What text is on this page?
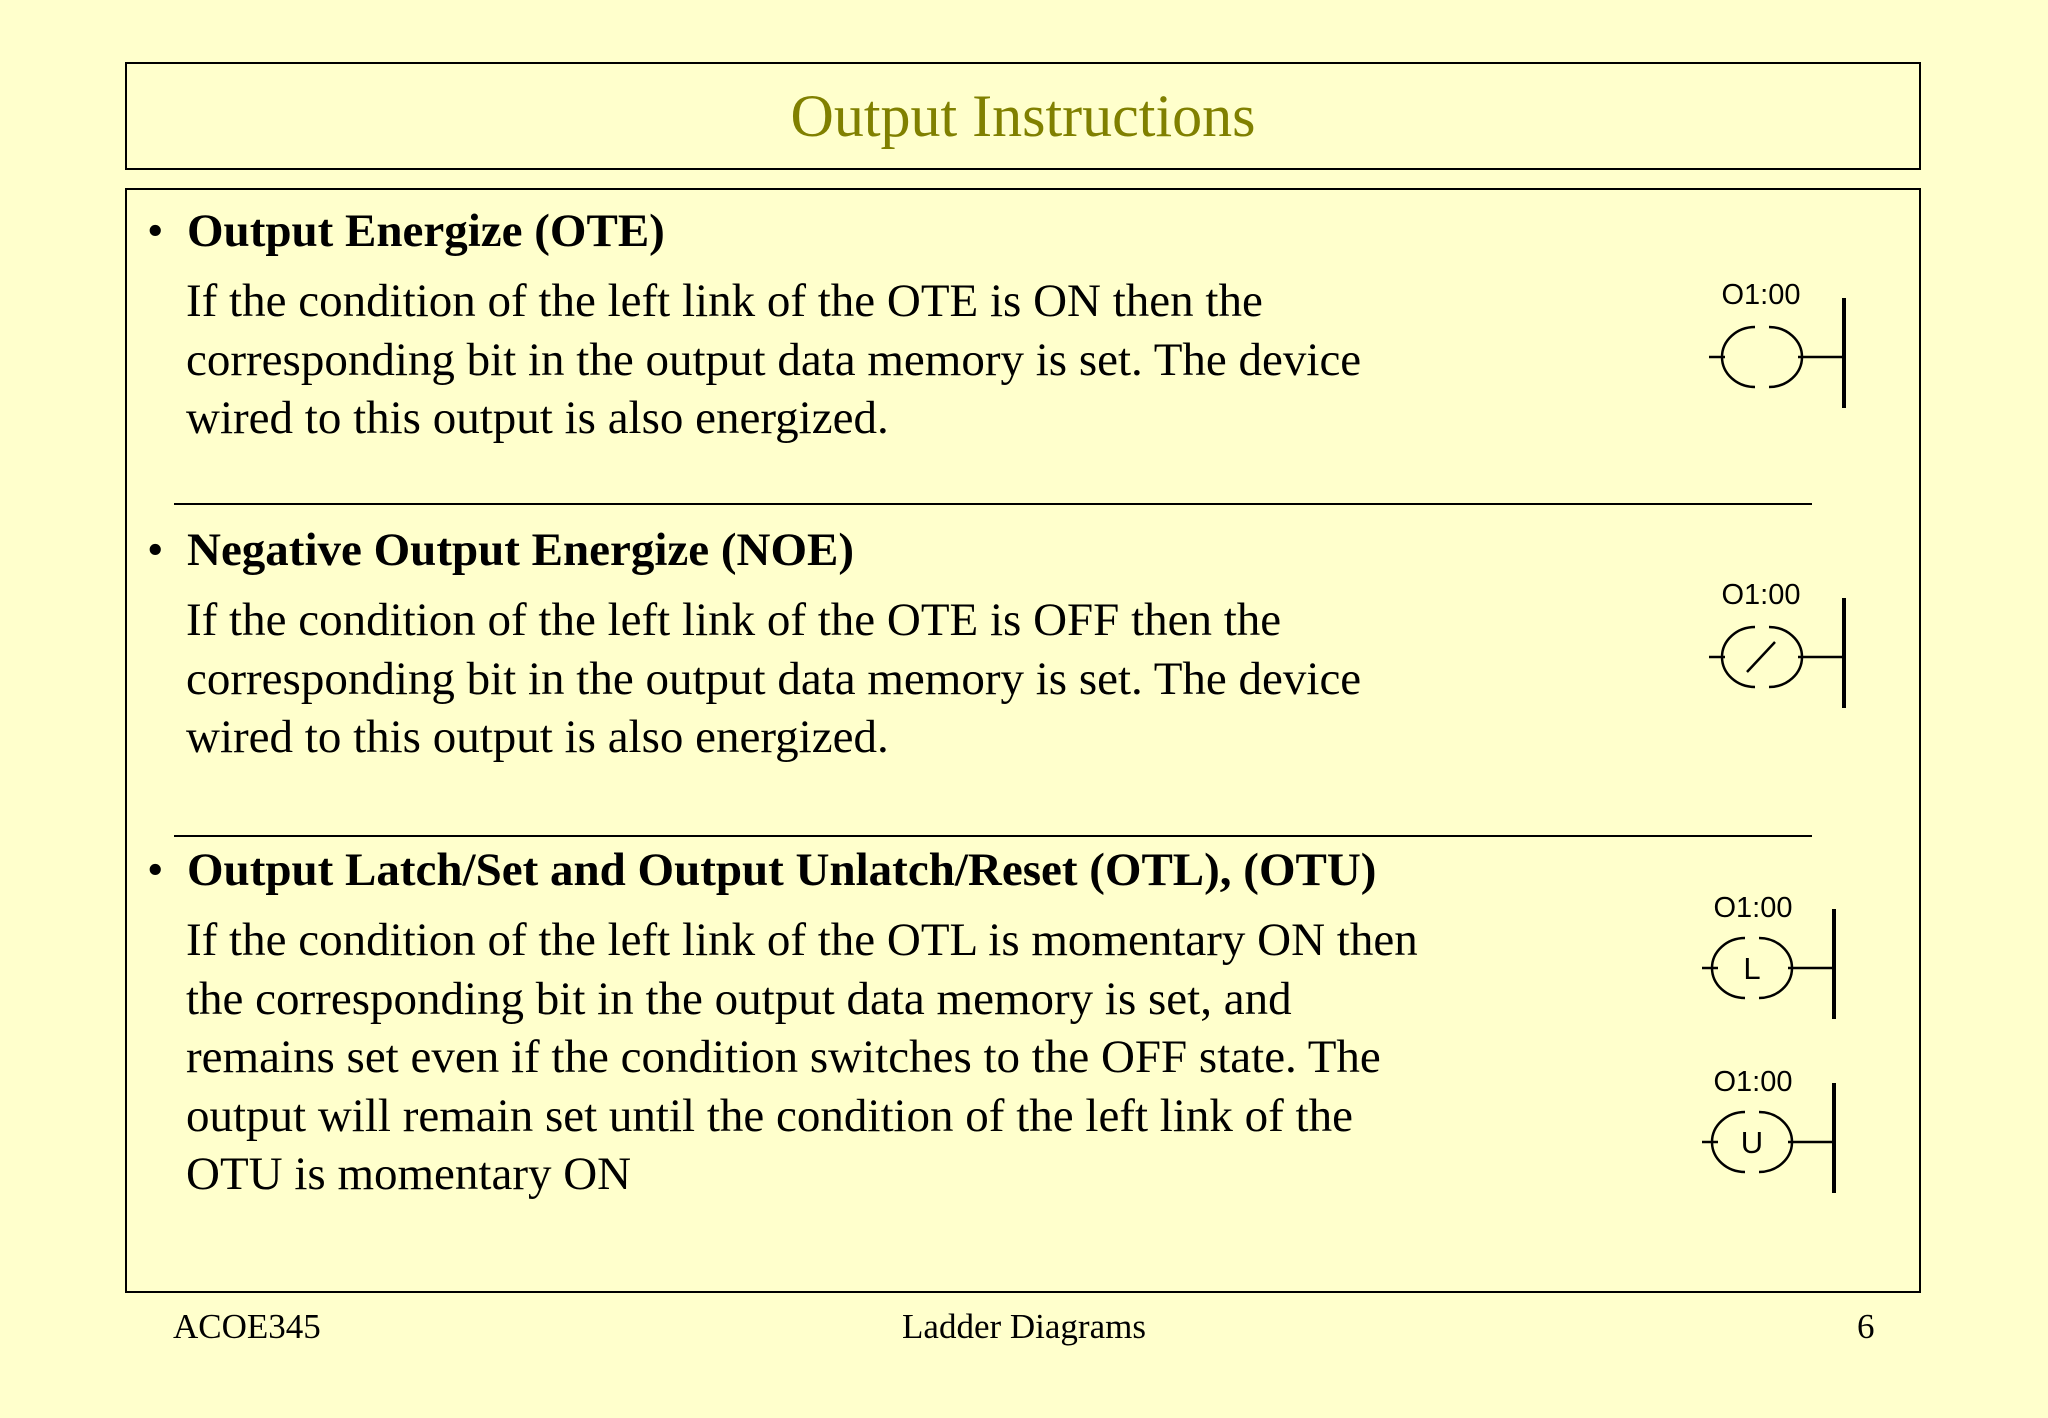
Output Instructions
• Output Energize (OTE)
If the condition of the left link of the OTE is ON then the
corresponding bit in the output data memory is set. The device
wired to this output is also energized.
O1:00
• Negative Output Energize (NOE)
If the condition of the left link of the OTE is OFF then the
corresponding bit in the output data memory is set. The device
wired to this output is also energized.
O1:00
• Output Latch/Set and Output Unlatch/Reset (OTL), (OTU)
If the condition of the left link of the OTL is momentary ON then
the corresponding bit in the output data memory is set, and
remains set even if the condition switches to the OFF state. The
output will remain set until the condition of the left link of the
OTU is momentary ON
O1:00
L
O1:00
U
ACOE345	Ladder Diagrams	6
